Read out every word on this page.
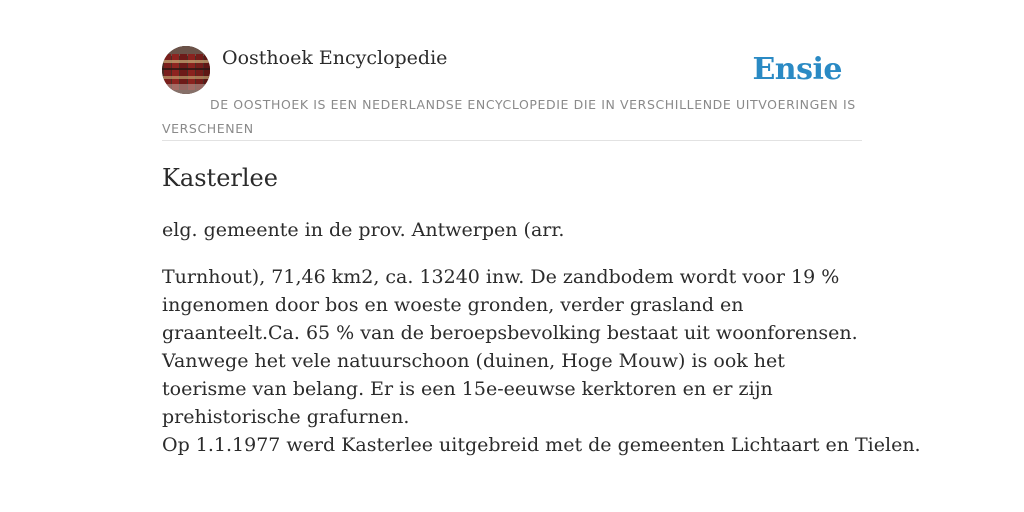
Oosthoek Encyclopedie	Ensie
DE OOSTHOEK IS EEN NEDERLANDSE ENCYCLOPEDIE DIE IN VERSCHILLENDE UITVOERINGEN IS VERSCHENEN
Kasterlee
elg. gemeente in de prov. Antwerpen (arr.
Turnhout), 71,46 km2, ca. 13240 inw. De zandbodem wordt voor 19 % ingenomen door bos en woeste gronden, verder grasland en graanteelt.Ca. 65 % van de beroepsbevolking bestaat uit woonforensen. Vanwege het vele natuurschoon (duinen, Hoge Mouw) is ook het toerisme van belang. Er is een 15e-eeuwse kerktoren en er zijn prehistorische grafurnen.
Op 1.1.1977 werd Kasterlee uitgebreid met de gemeenten Lichtaart en Tielen.
